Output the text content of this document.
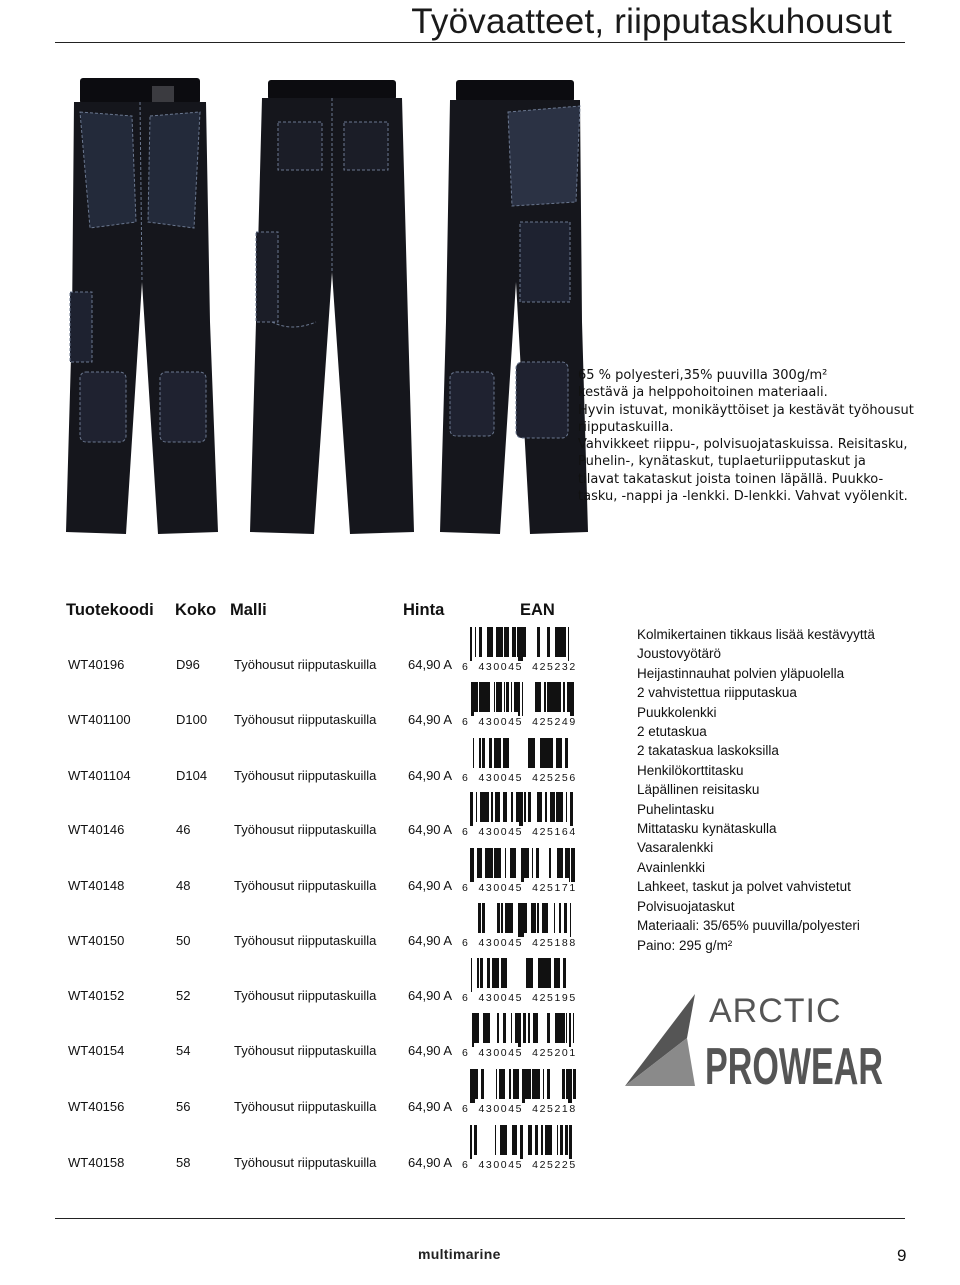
Työvaatteet, riipputaskuhousut
65 % polyesteri,35% puuvilla 300g/m²
kestävä ja helppohoitoinen materiaali.
Hyvin istuvat, monikäyttöiset ja kestävät työhousut
riipputaskuilla.
Vahvikkeet riippu-, polvisuojataskuissa. Reisitasku,
Puhelin-, kynätaskut, tuplaeturiipputaskut ja
tilavat takataskut joista toinen läpällä. Puukko-
tasku, -nappi ja -lenkki. D-lenkki. Vahvat vyölenkit.
Tuotekoodi Koko Malli	Hinta	EAN
WT40196	D96	Työhousut riipputaskuilla 64,90 A 6  430045  425232
WT401100	D100 Työhousut riipputaskuilla 64,90 A 6  430045  425249
WT401104	D104 Työhousut riipputaskuilla 64,90 A 6  430045  425256
WT40146	46	Työhousut riipputaskuilla 64,90 A 6  430045  425164
WT40148	48	Työhousut riipputaskuilla 64,90 A 6  430045  425171
WT40150	50	Työhousut riipputaskuilla 64,90 A 6  430045  425188
WT40152	52	Työhousut riipputaskuilla 64,90 A 6  430045  425195
WT40154	54	Työhousut riipputaskuilla 64,90 A 6  430045  425201
WT40156	56	Työhousut riipputaskuilla 64,90 A 6  430045  425218
WT40158	58	Työhousut riipputaskuilla 64,90 A 6  430045  425225
Kolmikertainen tikkaus lisää kestävyyttä
Joustovyötärö
Heijastinnauhat polvien yläpuolella
2 vahvistettua riipputaskua
Puukkolenkki
2 etutaskua
2 takataskua laskoksilla
Henkilökorttitasku
Läpällinen reisitasku
Puhelintasku
Mittatasku kynätaskulla
Vasaralenkki
Avainlenkki
Lahkeet, taskut ja polvet vahvistetut
Polvisuojataskut
Materiaali: 35/65% puuvilla/polyesteri
Paino: 295 g/m²
ARCTIC
PROWEAR
multimarine	9
